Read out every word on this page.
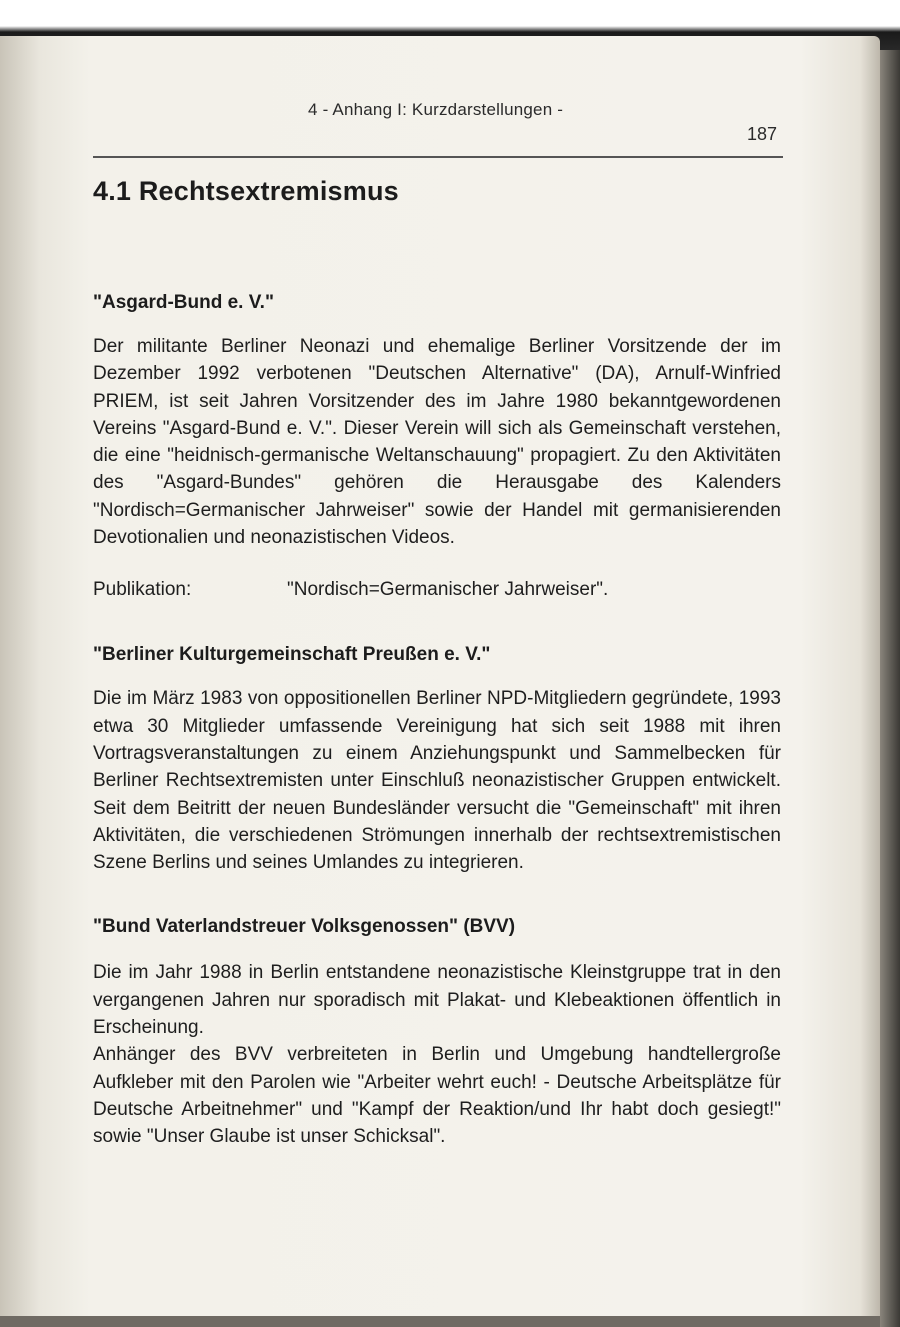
4 - Anhang I: Kurzdarstellungen -
187
4.1 Rechtsextremismus
"Asgard-Bund e. V."

Der militante Berliner Neonazi und ehemalige Berliner Vorsitzende der im Dezember 1992 verbotenen "Deutschen Alternative" (DA), Arnulf-Winfried PRIEM, ist seit Jahren Vorsitzender des im Jahre 1980 bekanntgewordenen Vereins "Asgard-Bund e. V.". Dieser Verein will sich als Gemeinschaft verstehen, die eine "heidnisch-germanische Weltanschauung" propagiert. Zu den Aktivitäten des "Asgard-Bundes" gehören die Herausgabe des Kalenders "Nordisch=Germanischer Jahrweiser" sowie der Handel mit germanisierenden Devotionalien und neonazistischen Videos.

Publikation:	"Nordisch=Germanischer Jahrweiser".
"Berliner Kulturgemeinschaft Preußen e. V."

Die im März 1983 von oppositionellen Berliner NPD-Mitgliedern gegründete, 1993 etwa 30 Mitglieder umfassende Vereinigung hat sich seit 1988 mit ihren Vortragsveranstaltungen zu einem Anziehungspunkt und Sammelbecken für Berliner Rechtsextremisten unter Einschluß neonazistischer Gruppen entwickelt. Seit dem Beitritt der neuen Bundesländer versucht die "Gemeinschaft" mit ihren Aktivitäten, die verschiedenen Strömungen innerhalb der rechtsextremistischen Szene Berlins und seines Umlandes zu integrieren.

"Bund Vaterlandstreuer Volksgenossen" (BVV)

Die im Jahr 1988 in Berlin entstandene neonazistische Kleinstgruppe trat in den vergangenen Jahren nur sporadisch mit Plakat- und Klebeaktionen öffentlich in Erscheinung.

Anhänger des BVV verbreiteten in Berlin und Umgebung handtellergroße Aufkleber mit den Parolen wie "Arbeiter wehrt euch! - Deutsche Arbeitsplätze für Deutsche Arbeitnehmer" und "Kampf der Reaktion/und Ihr habt doch gesiegt!" sowie "Unser Glaube ist unser Schicksal".
